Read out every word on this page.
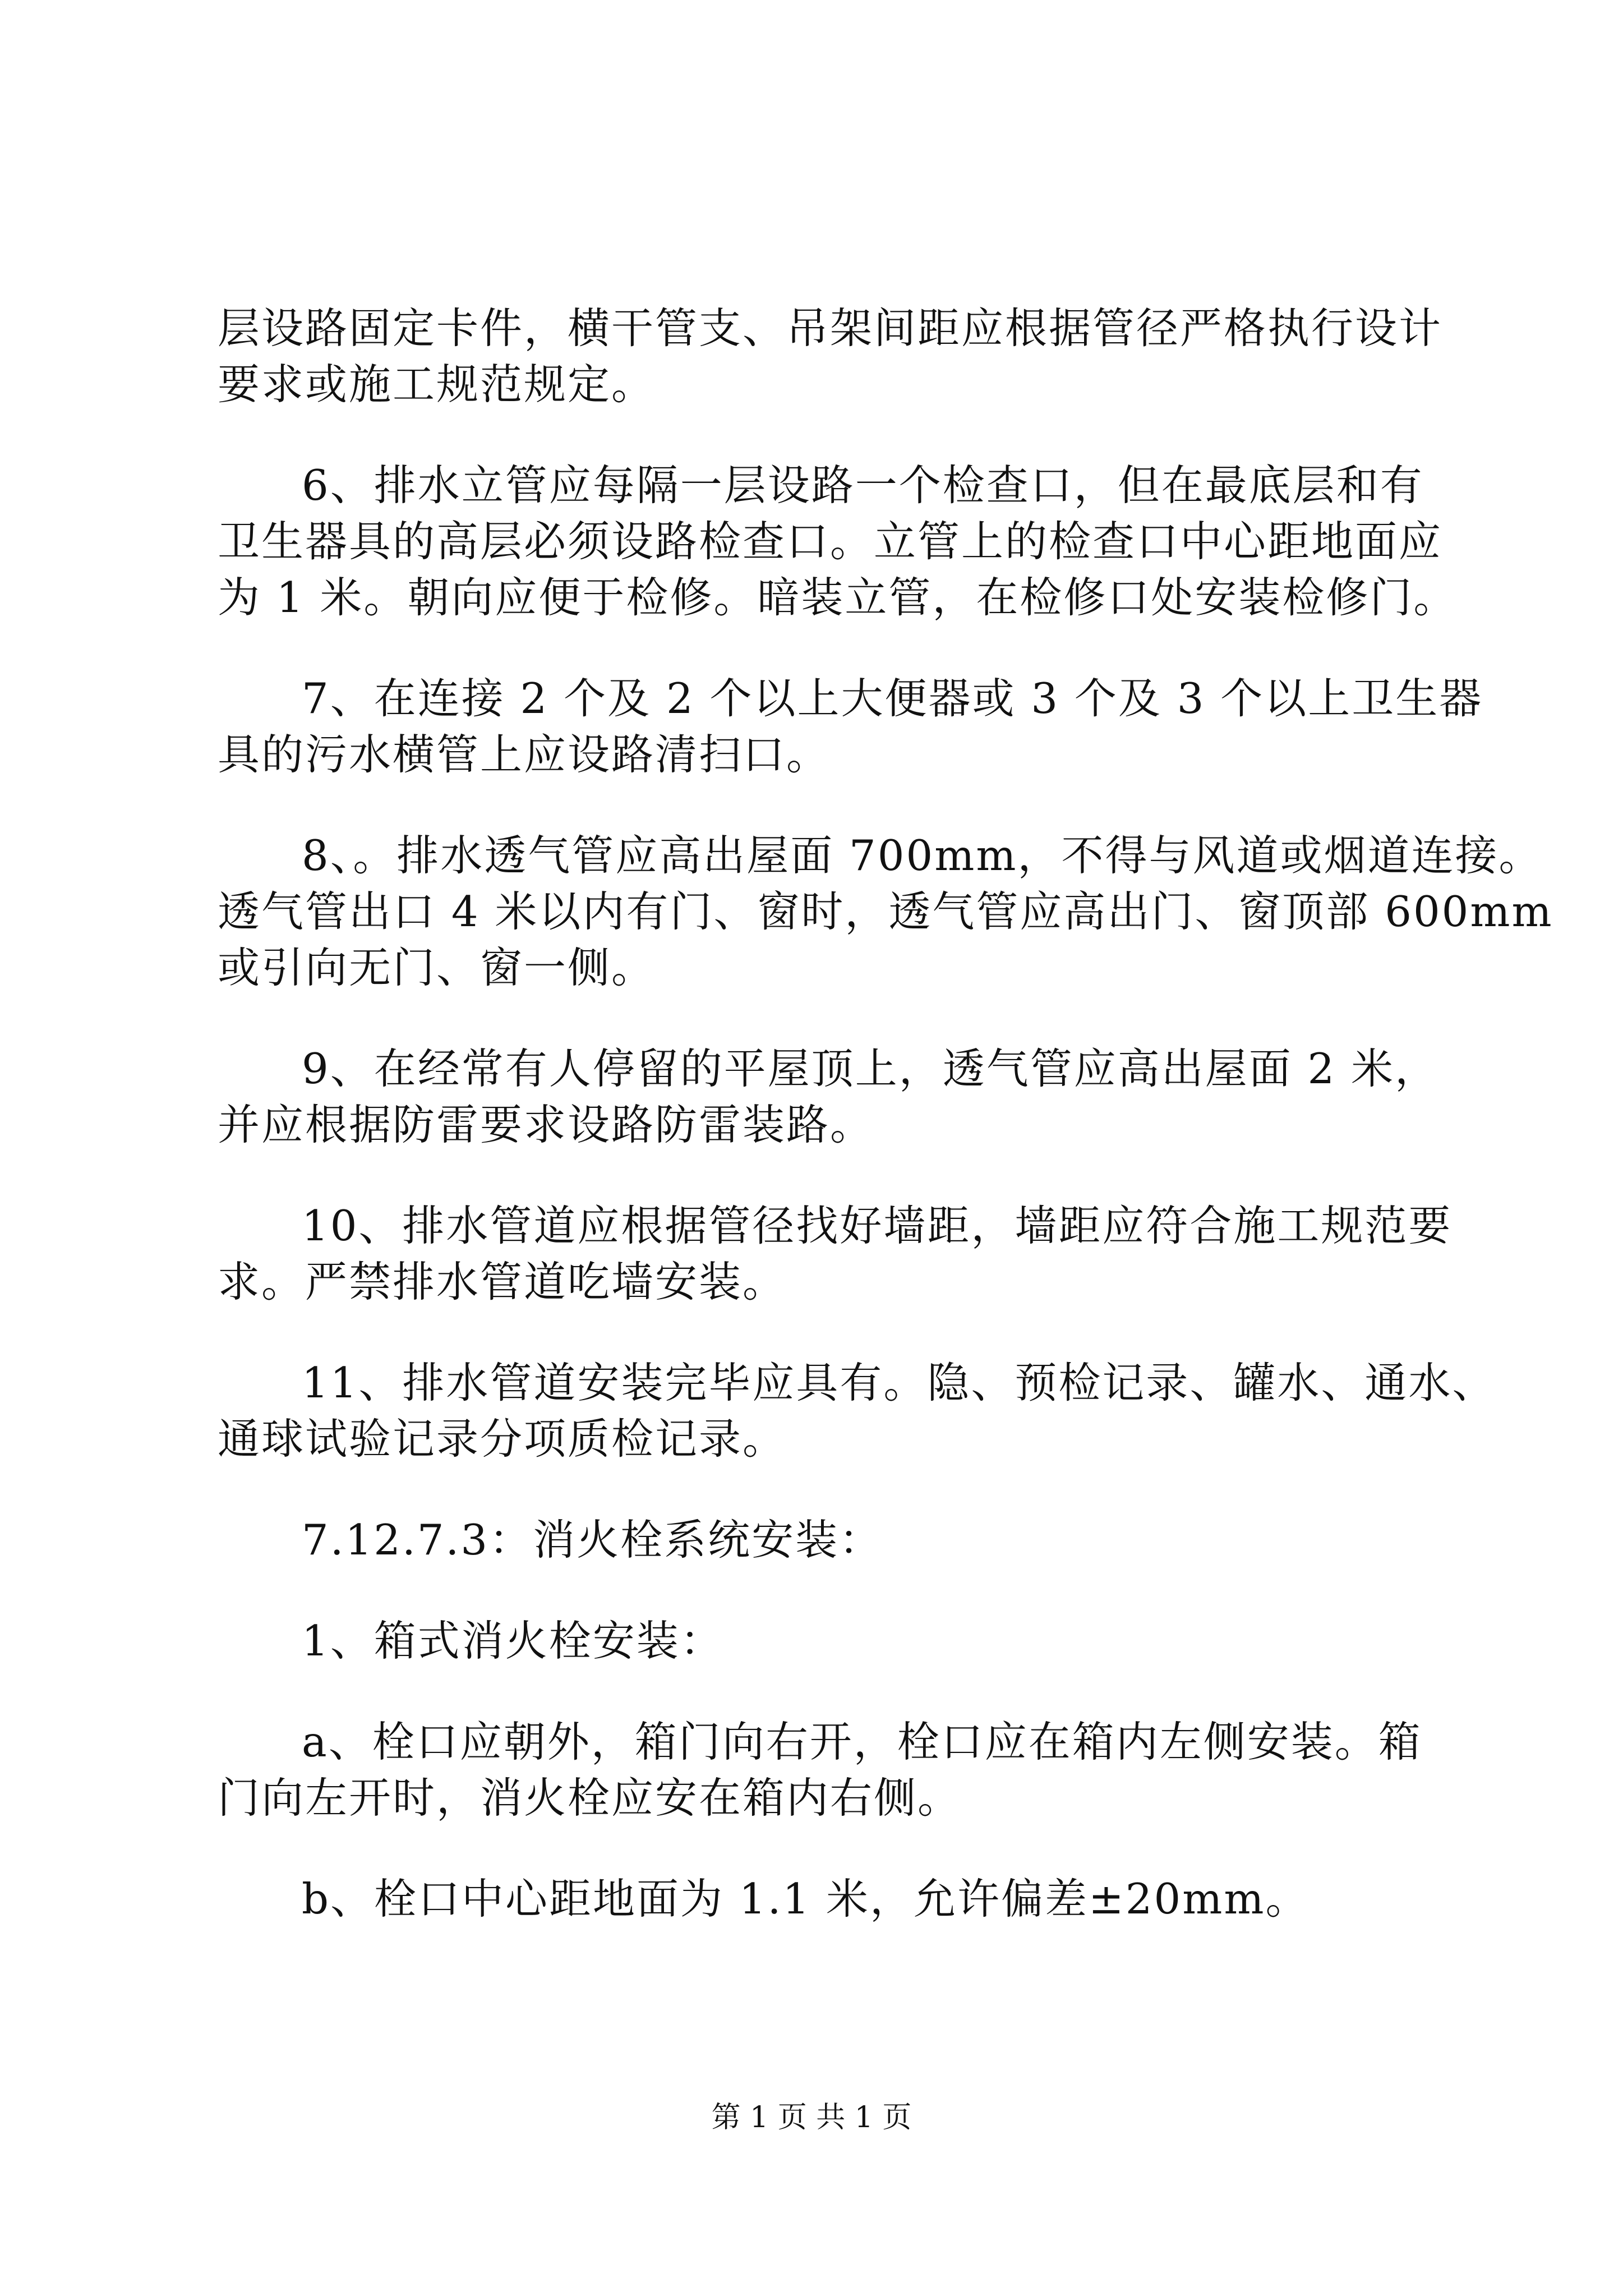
层设路固定卡件，横干管支、吊架间距应根据管径严格执行设计
要求或施工规范规定。
6、排水立管应每隔一层设路一个检查口，但在最底层和有
卫生器具的高层必须设路检查口。立管上的检查口中心距地面应
为 1 米。朝向应便于检修。暗装立管，在检修口处安装检修门。
7、在连接 2 个及 2 个以上大便器或 3 个及 3 个以上卫生器
具的污水横管上应设路清扫口。
8、。排水透气管应高出屋面 700mm，不得与风道或烟道连接。
透气管出口 4 米以内有门、窗时，透气管应高出门、窗顶部 600mm
或引向无门、窗一侧。
9、在经常有人停留的平屋顶上，透气管应高出屋面 2 米，
并应根据防雷要求设路防雷装路。
10、排水管道应根据管径找好墙距，墙距应符合施工规范要
求。严禁排水管道吃墙安装。
11、排水管道安装完毕应具有。隐、预检记录、罐水、通水、
通球试验记录分项质检记录。
7.12.7.3：消火栓系统安装：
1、箱式消火栓安装：
a、栓口应朝外，箱门向右开，栓口应在箱内左侧安装。箱
门向左开时，消火栓应安在箱内右侧。
b、栓口中心距地面为 1.1 米，允许偏差±20mm。
第 1 页 共 1 页
